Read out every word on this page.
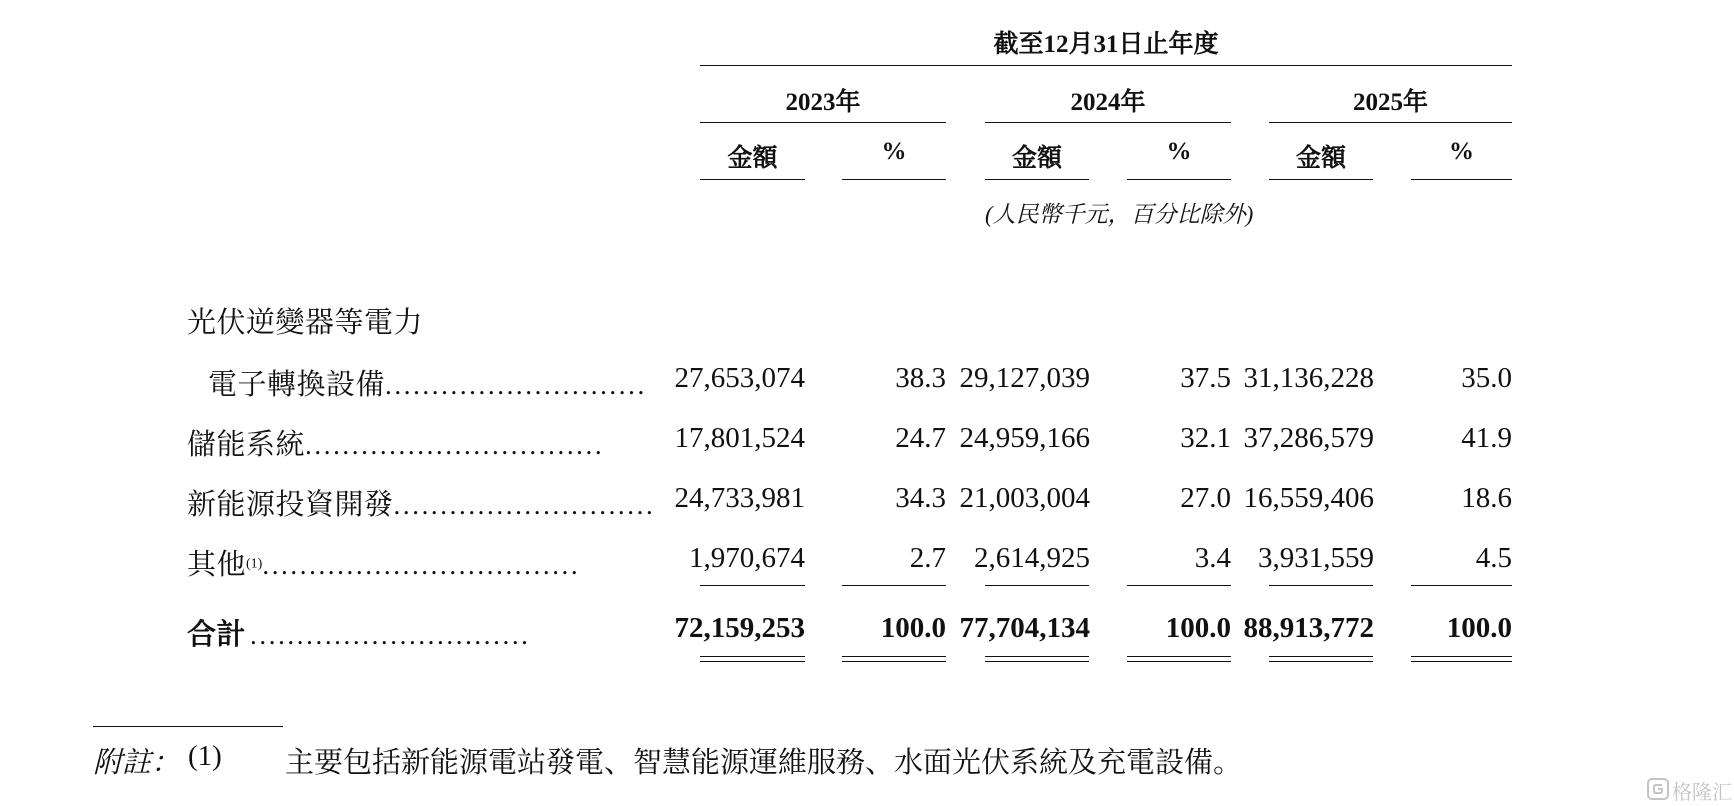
截至12月31日止年度
2023年	2024年	2025年
金額	%	金額	%	金額	%
(人民幣千元，百分比除外)
光伏逆變器等電力
電子轉換設備............................ 27,653,074	38.3 29,127,039	37.5 31,136,228	35.0
儲能系統................................	17,801,524	24.7 24,959,166	32.1 37,286,579	41.9
新能源投資開發............................ 24,733,981	34.3 21,003,004	27.0 16,559,406	18.6
其他(1)..................................	1,970,674	2.7 2,614,925	3.4 3,931,559	4.5
合計 ..............................	72,159,253	100.0 77,704,134	100.0 88,913,772	100.0
附註： (1) 主要包括新能源電站發電、智慧能源運維服務、水面光伏系統及充電設備。
格隆汇
